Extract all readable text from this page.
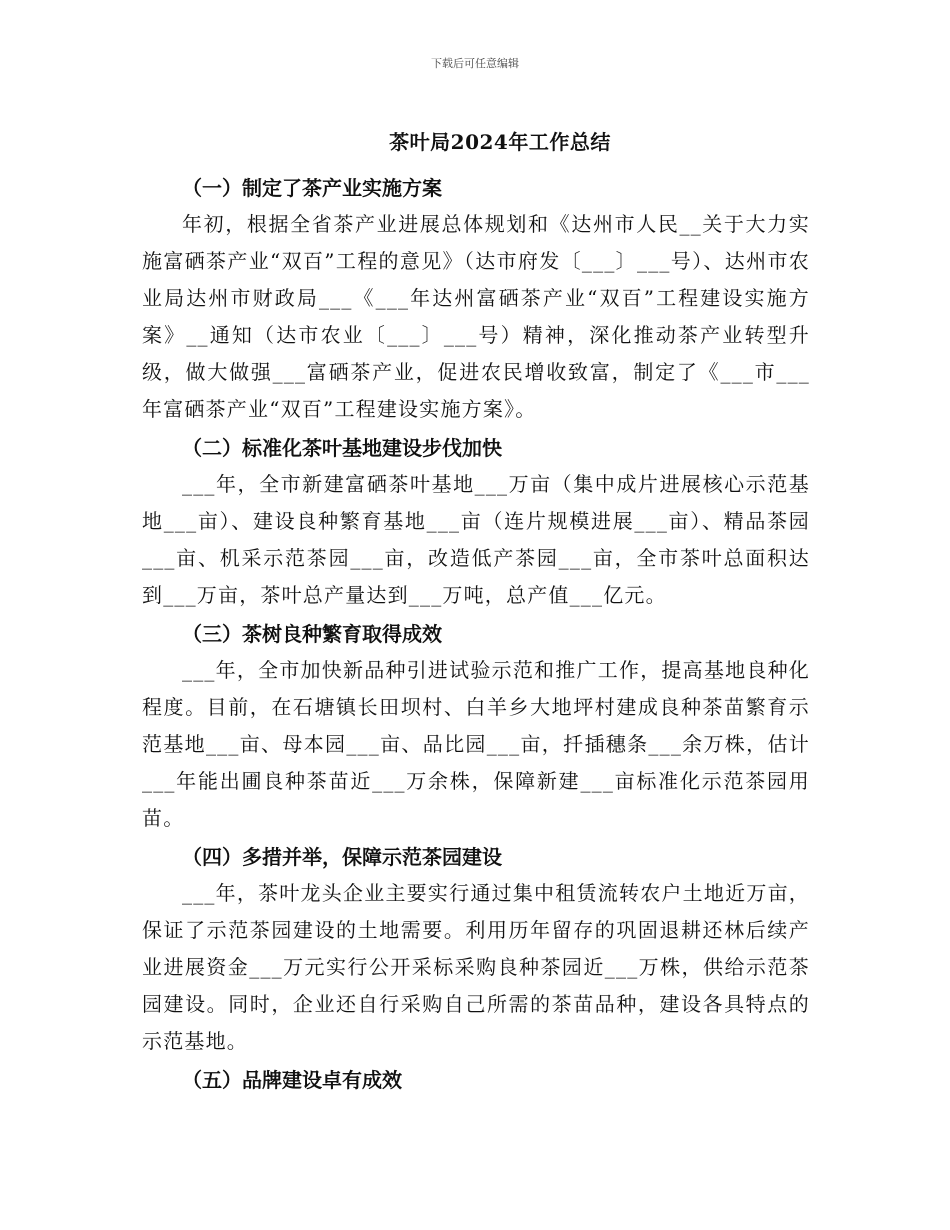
下载后可任意编辑
茶叶局2024年工作总结
（一）制定了茶产业实施方案

年初，根据全省茶产业进展总体规划和《达州市人民__关于大力实施富硒茶产业“双百”工程的意见》（达市府发〔___〕___号）、达州市农业局达州市财政局___《___年达州富硒茶产业“双百”工程建设实施方案》__通知（达市农业〔___〕___号）精神，深化推动茶产业转型升级，做大做强___富硒茶产业，促进农民增收致富，制定了《___市___年富硒茶产业“双百”工程建设实施方案》。

（二）标准化茶叶基地建设步伐加快

___年，全市新建富硒茶叶基地___万亩（集中成片进展核心示范基地___亩）、建设良种繁育基地___亩（连片规模进展___亩）、精品茶园___亩、机采示范茶园___亩，改造低产茶园___亩，全市茶叶总面积达到___万亩，茶叶总产量达到___万吨，总产值___亿元。

（三）茶树良种繁育取得成效

___年，全市加快新品种引进试验示范和推广工作，提高基地良种化程度。目前，在石塘镇长田坝村、白羊乡大地坪村建成良种茶苗繁育示范基地___亩、母本园___亩、品比园___亩，扦插穗条___余万株，估计___年能出圃良种茶苗近___万余株，保障新建___亩标准化示范茶园用苗。

（四）多措并举，保障示范茶园建设

___年，茶叶龙头企业主要实行通过集中租赁流转农户土地近万亩，保证了示范茶园建设的土地需要。利用历年留存的巩固退耕还林后续产业进展资金___万元实行公开采标采购良种茶园近___万株，供给示范茶园建设。同时，企业还自行采购自己所需的茶苗品种，建设各具特点的示范基地。

（五）品牌建设卓有成效
